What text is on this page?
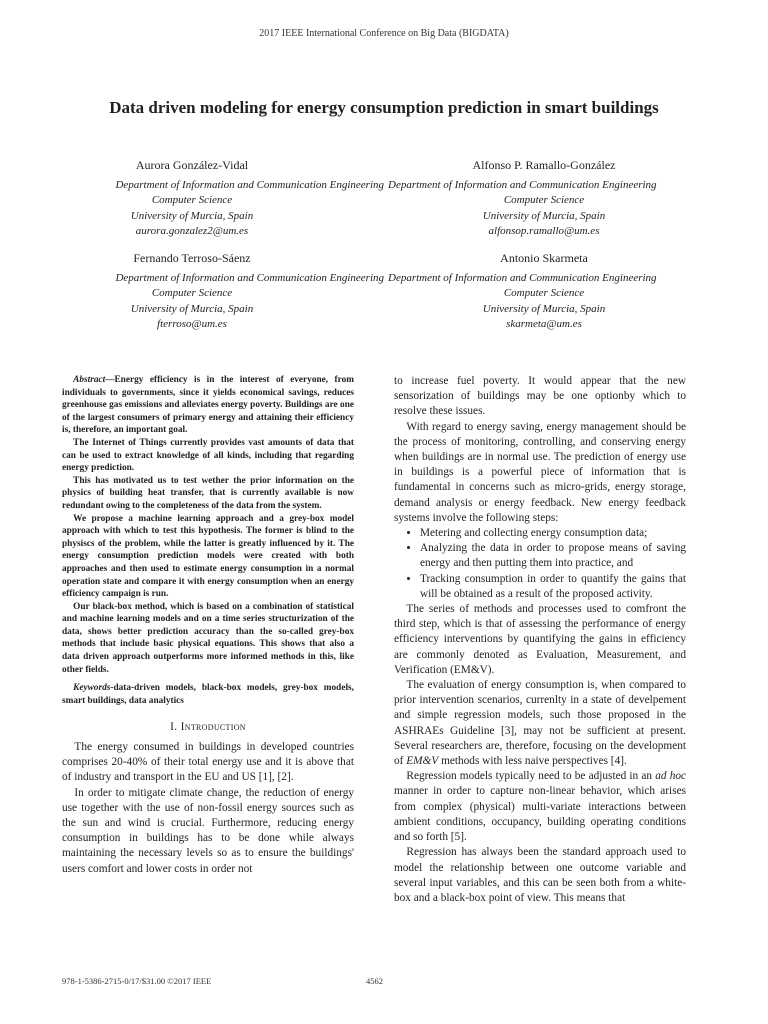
2017 IEEE International Conference on Big Data (BIGDATA)
Data driven modeling for energy consumption prediction in smart buildings
Aurora González-Vidal
Department of Information and Communication Engineering
Computer Science
University of Murcia, Spain
aurora.gonzalez2@um.es
Alfonso P. Ramallo-González
Department of Information and Communication Engineering
Computer Science
University of Murcia, Spain
alfonsop.ramallo@um.es
Fernando Terroso-Sáenz
Department of Information and Communication Engineering
Computer Science
University of Murcia, Spain
fterroso@um.es
Antonio Skarmeta
Department of Information and Communication Engineering
Computer Science
University of Murcia, Spain
skarmeta@um.es

Abstract—Energy efficiency is in the interest of everyone, from individuals to governments, since it yields economical savings, reduces greenhouse gas emissions and alleviates energy poverty. Buildings are one of the largest consumers of primary energy and attaining their efficiency is, therefore, an important goal.

The Internet of Things currently provides vast amounts of data that can be used to extract knowledge of all kinds, including that regarding energy prediction.

This has motivated us to test wether the prior information on the physics of building heat transfer, that is currently available is now redundant owing to the completeness of the data from the system.

We propose a machine learning approach and a grey-box model approach with which to test this hypothesis. The former is blind to the physiscs of the problem, while the latter is greatly influenced by it. The energy consumption prediction models were created with both approaches and then used to estimate energy consumption in a normal operation state and compare it with energy consumption when an energy efficiency campaign is run.

Our black-box method, which is based on a combination of statistical and machine learning models and on a time series structurization of the data, shows better prediction accuracy than the so-called grey-box methods that include basic physical equations. This shows that also a data driven approach outperforms more informed methods in this, like other fields.

Keywords-data-driven models, black-box models, grey-box models, smart buildings, data analytics
I. Introduction

The energy consumed in buildings in developed countries comprises 20-40% of their total energy use and it is above that of industry and transport in the EU and US [1], [2].

In order to mitigate climate change, the reduction of energy use together with the use of non-fossil energy sources such as the sun and wind is crucial. Furthermore, reducing energy consumption in buildings has to be done while always maintaining the necessary levels so as to ensure the buildings' users comfort and lower costs in order not

to increase fuel poverty. It would appear that the new sensorization of buildings may be one optionby which to resolve these issues.

With regard to energy saving, energy management should be the process of monitoring, controlling, and conserving energy when buildings are in normal use. The prediction of energy use in buildings is a powerful piece of information that is fundamental in concerns such as micro-grids, energy storage, demand analysis or energy feedback. New energy feedback systems involve the following steps:

• Metering and collecting energy consumption data;
• Analyzing the data in order to propose means of saving energy and then putting them into practice, and
• Tracking consumption in order to quantify the gains that will be obtained as a result of the proposed activity.

The series of methods and processes used to comfront the third step, which is that of assessing the performance of energy efficiency interventions by quantifying the gains in efficiency are commonly denoted as Evaluation, Measurement, and Verification (EM&V).

The evaluation of energy consumption is, when compared to prior intervention scenarios, currenlty in a state of develpement and simple regression models, such those proposed in the ASHRAEs Guideline [3], may not be sufficient at present. Several researchers are, therefore, focusing on the development of EM&V methods with less naive perspectives [4].

Regression models typically need to be adjusted in an ad hoc manner in order to capture non-linear behavior, which arises from complex (physical) multi-variate interactions between ambient conditions, occupancy, building operating conditions and so forth [5].

Regression has always been the standard approach used to model the relationship between one outcome variable and several input variables, and this can be seen both from a white-box and a black-box point of view. This means that

978-1-5386-2715-0/17/$31.00 ©2017 IEEE	4562
